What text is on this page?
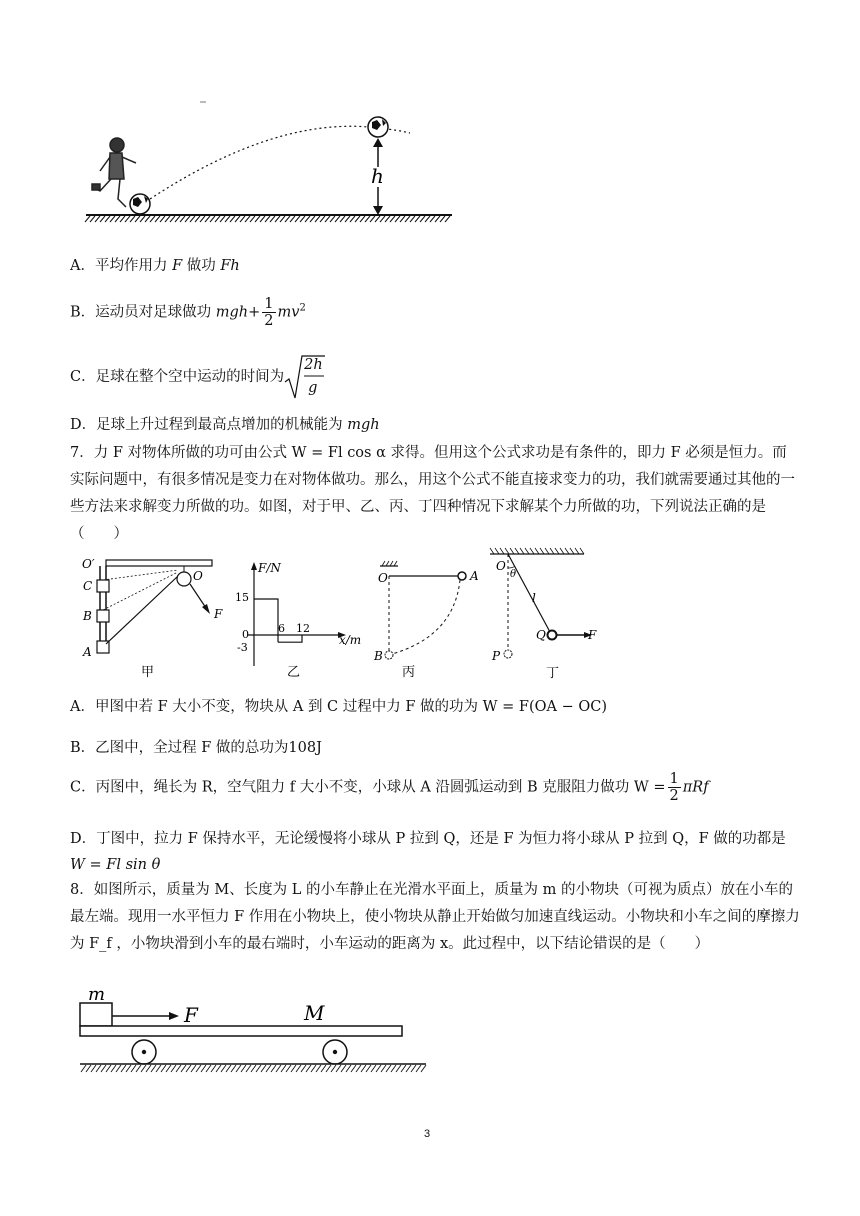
h
A．平均作用力 F 做功 Fh
B．运动员对足球做功 $mgh+ \frac{1}{2} mv^2$
C．足球在整个空中运动的时间为
2h
g
D．足球上升过程到最高点增加的机械能为 mgh
7．力 F 对物体所做的功可由公式 W = Fl cos α 求得。但用这个公式求功是有条件的，即力 F 必须是恒力。而实际问题中，有很多情况是变力在对物体做功。那么，用这个公式不能直接求变力的功，我们就需要通过其他的一些方法来求解变力所做的功。如图，对于甲、乙、丙、丁四种情况下求解某个力所做的功，下列说法正确的是（　　）
O′
C
B
A
O
F
甲
F/N
x/m
15
0
-3
6 12
乙
O	A
B
丙
O
θ
l
Q	F
P
丁
A．甲图中若 F 大小不变，物块从 A 到 C 过程中力 F 做的功为 W = F(OA − OC)
B．乙图中，全过程 F 做的总功为108J
C．丙图中，绳长为 R，空气阻力 f 大小不变，小球从 A 沿圆弧运动到 B 克服阻力做功 $W = \frac{1}{2}$ πRf
D．丁图中，拉力 F 保持水平，无论缓慢将小球从 P 拉到 Q，还是 F 为恒力将小球从 P 拉到 Q，F 做的功都是
W = Fl sin θ
8．如图所示，质量为 M、长度为 L 的小车静止在光滑水平面上，质量为 m 的小物块（可视为质点）放在小车的最左端。现用一水平恒力 F 作用在小物块上，使小物块从静止开始做匀加速直线运动。小物块和小车之间的摩擦力为 F_f ，小物块滑到小车的最右端时，小车运动的距离为 x。此过程中，以下结论错误的是（　　）
m
F	M
3
